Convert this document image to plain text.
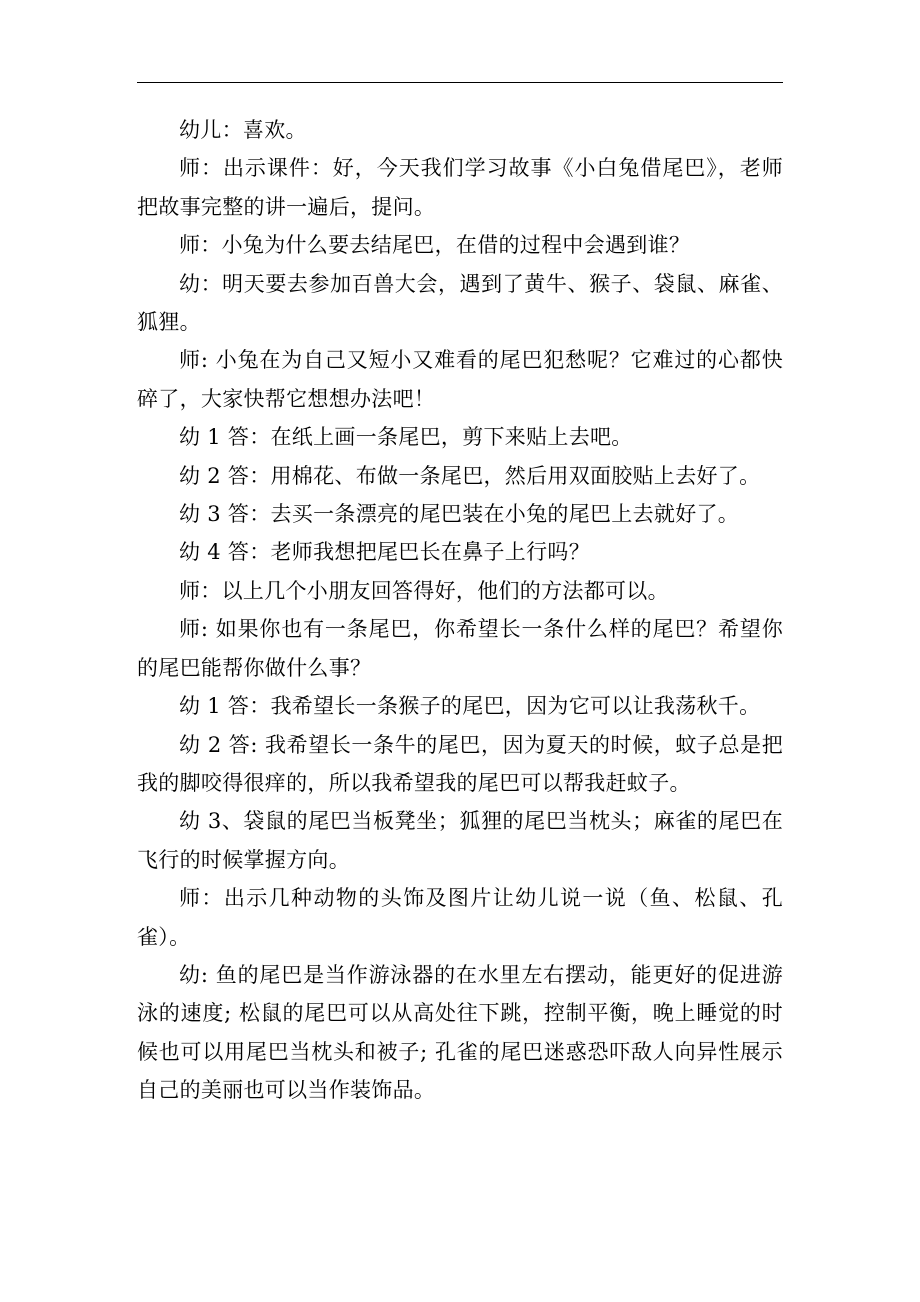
幼儿：喜欢。

师：出示课件：好，今天我们学习故事《小白兔借尾巴》，老师把故事完整的讲一遍后，提问。

师：小兔为什么要去结尾巴，在借的过程中会遇到谁？

幼：明天要去参加百兽大会，遇到了黄牛、猴子、袋鼠、麻雀、狐狸。

师: 小兔在为自己又短小又难看的尾巴犯愁呢？它难过的心都快碎了，大家快帮它想想办法吧！

幼 1 答：在纸上画一条尾巴，剪下来贴上去吧。

幼 2 答：用棉花、布做一条尾巴，然后用双面胶贴上去好了。

幼 3 答：去买一条漂亮的尾巴装在小兔的尾巴上去就好了。

幼 4 答：老师我想把尾巴长在鼻子上行吗？

师：以上几个小朋友回答得好，他们的方法都可以。

师: 如果你也有一条尾巴，你希望长一条什么样的尾巴？希望你的尾巴能帮你做什么事？

幼 1 答：我希望长一条猴子的尾巴，因为它可以让我荡秋千。

幼 2 答: 我希望长一条牛的尾巴，因为夏天的时候，蚊子总是把我的脚咬得很痒的，所以我希望我的尾巴可以帮我赶蚊子。

幼 3、袋鼠的尾巴当板凳坐；狐狸的尾巴当枕头；麻雀的尾巴在飞行的时候掌握方向。

师：出示几种动物的头饰及图片让幼儿说一说（鱼、松鼠、孔雀）。

幼: 鱼的尾巴是当作游泳器的在水里左右摆动，能更好的促进游泳的速度; 松鼠的尾巴可以从高处往下跳，控制平衡，晚上睡觉的时候也可以用尾巴当枕头和被子; 孔雀的尾巴迷惑恐吓敌人向异性展示自己的美丽也可以当作装饰品。
